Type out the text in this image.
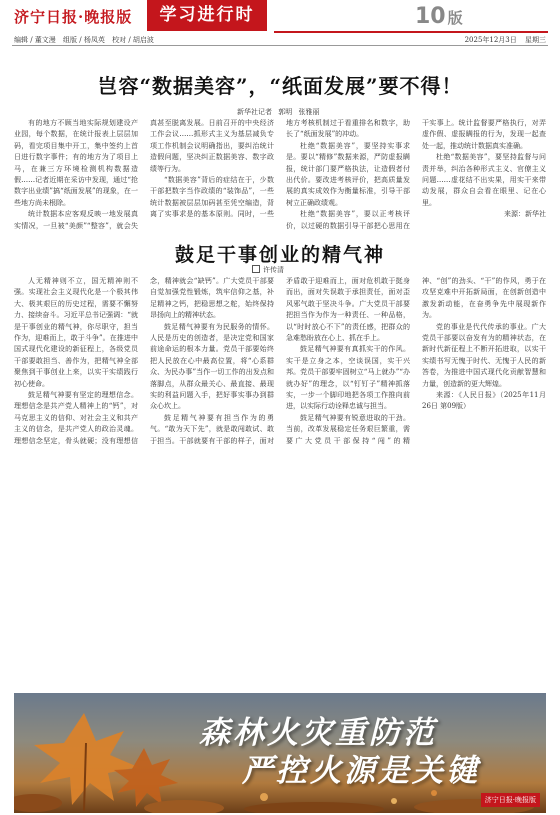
济宁日报·晚报版	学习进行时	10 版
编辑 / 董文漫 组版 / 杨凤英 校对 / 胡启波	2025年12月3日 星期三
岂容“数据美容”，“纸面发展”要不得！
新华社记者 郭明 张雅丽

有的地方不顾当地实际规划建设产业园，每个数据，在统计报表上层层加码，看完项目集中开工，集中签约上首日进行数字事件；有的地方为了项目上马，在兼三方环境检测机构数据造假……记者近期在采访中发现，通过“抢数字出业绩”搞“纸面发展”的现象，在一些地方尚未根除。

统计数据本应客观反映一地发展真实情况，一旦被“美颜”“整容”，就会失真甚至脱离发展。日前召开的中央经济工作会议……抓形式主义为基层减负专项工作机制会议明确指出，要纠治统计造假问题，坚决纠正数据美容、数字政绩等行为。

“数据美容”背后的症结在于，少数干部把数字当作政绩的“装饰品”，一些统计数据被层层加码甚至凭空编造，背离了实事求是的基本原则。同时，一些地方考核机制过于看重排名和数字，助长了“纸面发展”的冲动。

杜绝“数据美容”，要坚持实事求是。要以“精修”数据来源，严防虚报瞒报，统计部门要严格执法，让造假者付出代价。要改进考核评价，把高质量发展的真实成效作为衡量标准，引导干部树立正确政绩观。

杜绝“数据美容”，要以正考核评价，以过硬的数据引导干部把心思用在干实事上。统计监督要严格执行，对弄虚作假、虚报瞒报的行为，发现一起查处一起，推动统计数据真实准确。

杜绝“数据美容”，要坚持监督与问责并举，纠治各种形式主义、官僚主义问题……虚花结不出实果，用实干来带动发展，群众自会看在眼里、记在心里。

来源：新华社

鼓足干事创业的精气神
许传清

人无精神则不立，国无精神则不强。实现社会主义现代化是一个极其伟大、极其艰巨的历史过程，需要不懈努力、接续奋斗。习近平总书记强调：“就是干事创业的精气神，你尽职守，担当作为，迎难而上，敢于斗争”。在推进中国式现代化建设的新征程上，各级党员干部要敢担当、善作为，把精气神全部聚焦到干事创业上来，以实干实绩践行初心使命。

鼓足精气神要有坚定的理想信念。理想信念是共产党人精神上的“钙”，对马克思主义的信仰、对社会主义和共产主义的信念，是共产党人的政治灵魂。理想信念坚定，骨头就硬；没有理想信念，精神就会“缺钙”。广大党员干部要自觉加强党性锻炼，筑牢信仰之基，补足精神之钙，把稳思想之舵，始终保持昂扬向上的精神状态。

鼓足精气神要有为民服务的情怀。人民是历史的创造者，是决定党和国家前途命运的根本力量。党员干部要始终把人民放在心中最高位置，将“心系群众、为民办事”当作一切工作的出发点和落脚点，从群众最关心、最直接、最现实的利益问题入手，把好事实事办到群众心坎上。

鼓足精气神要有担当作为的勇气。“敢为天下先”，就是敢闯敢试、敢于担当。干部就要有干部的样子，面对矛盾敢于迎难而上，面对危机敢于挺身而出，面对失误敢于承担责任，面对歪风邪气敢于坚决斗争。广大党员干部要把担当作为作为一种责任、一种品格，以“时时放心不下”的责任感，把群众的急难愁盼放在心上、抓在手上。

鼓足精气神要有真抓实干的作风。实干是立身之本，空谈误国，实干兴邦。党员干部要牢固树立“马上就办”“办就办好”的理念，以“钉钉子”精神抓落实，一步一个脚印地把各项工作推向前进，以实际行动诠释忠诚与担当。

鼓足精气神要有锐意进取的干劲。当前，改革发展稳定任务艰巨繁重，需要广大党员干部保持“闯”的精神、“创”的劲头、“干”的作风，勇于在攻坚克难中开拓新局面，在创新创造中激发新动能，在奋勇争先中展现新作为。

党的事业是代代传承的事业。广大党员干部要以奋发有为的精神状态，在新时代新征程上不断开拓进取，以实干实绩书写无愧于时代、无愧于人民的新答卷，为推进中国式现代化贡献智慧和力量，创造新的更大辉煌。

来源：《人民日报》（2025年11月26日 第09版）

森林火灾重防范
严控火源是关键
济宁日报·晚报版
